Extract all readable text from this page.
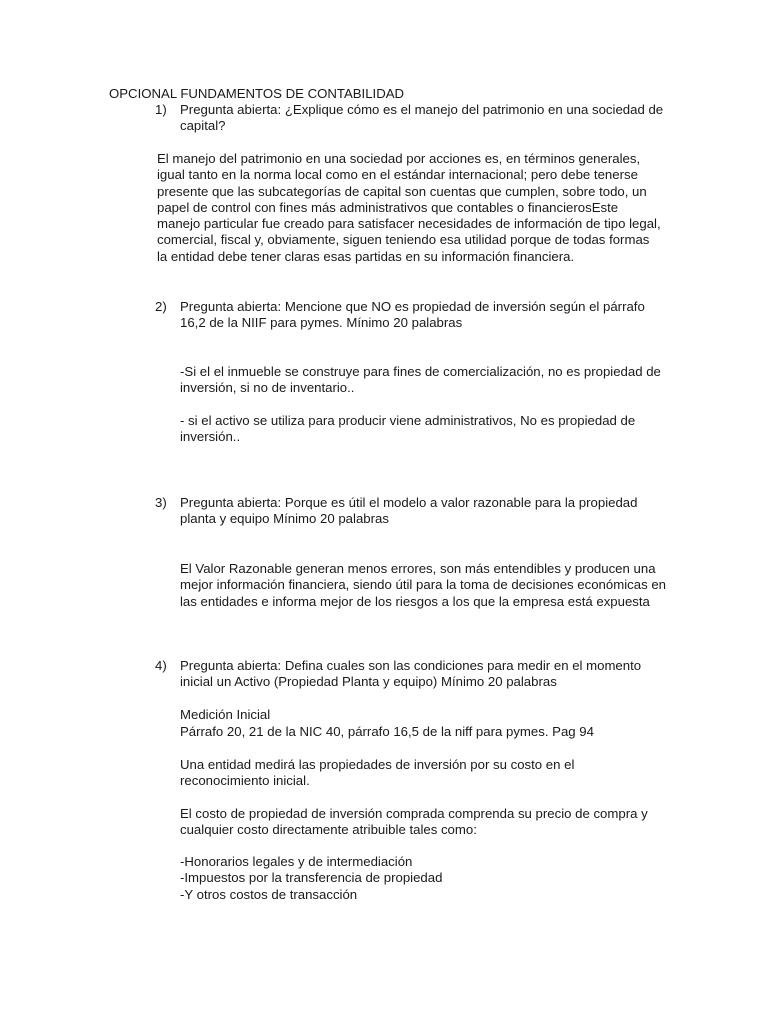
OPCIONAL FUNDAMENTOS DE CONTABILIDAD

1) Pregunta abierta: ¿Explique cómo es el manejo del patrimonio en una sociedad de capital?

El manejo del patrimonio en una sociedad por acciones es, en términos generales, igual tanto en la norma local como en el estándar internacional; pero debe tenerse presente que las subcategorías de capital son cuentas que cumplen, sobre todo, un papel de control con fines más administrativos que contables o financierosEste manejo particular fue creado para satisfacer necesidades de información de tipo legal, comercial, fiscal y, obviamente, siguen teniendo esa utilidad porque de todas formas la entidad debe tener claras esas partidas en su información financiera.

2) Pregunta abierta: Mencione que NO es propiedad de inversión según el párrafo 16,2 de la NIIF para pymes. Mínimo 20 palabras

-Si el el inmueble se construye para fines de comercialización, no es propiedad de inversión, si no de inventario..

- si el activo se utiliza para producir viene administrativos, No es propiedad de inversión..

3) Pregunta abierta: Porque es útil el modelo a valor razonable para la propiedad planta y equipo Mínimo 20 palabras

El Valor Razonable generan menos errores, son más entendibles y producen una mejor información financiera, siendo útil para la toma de decisiones económicas en las entidades e informa mejor de los riesgos a los que la empresa está expuesta

4) Pregunta abierta: Defina cuales son las condiciones para medir en el momento inicial un Activo (Propiedad Planta y equipo) Mínimo 20 palabras

Medición Inicial

Párrafo 20, 21 de la NIC 40, párrafo 16,5 de la niff para pymes. Pag 94

Una entidad medirá las propiedades de inversión por su costo en el reconocimiento inicial.

El costo de propiedad de inversión comprada comprenda su precio de compra y cualquier costo directamente atribuible tales como:

-Honorarios legales y de intermediación
-Impuestos por la transferencia de propiedad
-Y otros costos de transacción
